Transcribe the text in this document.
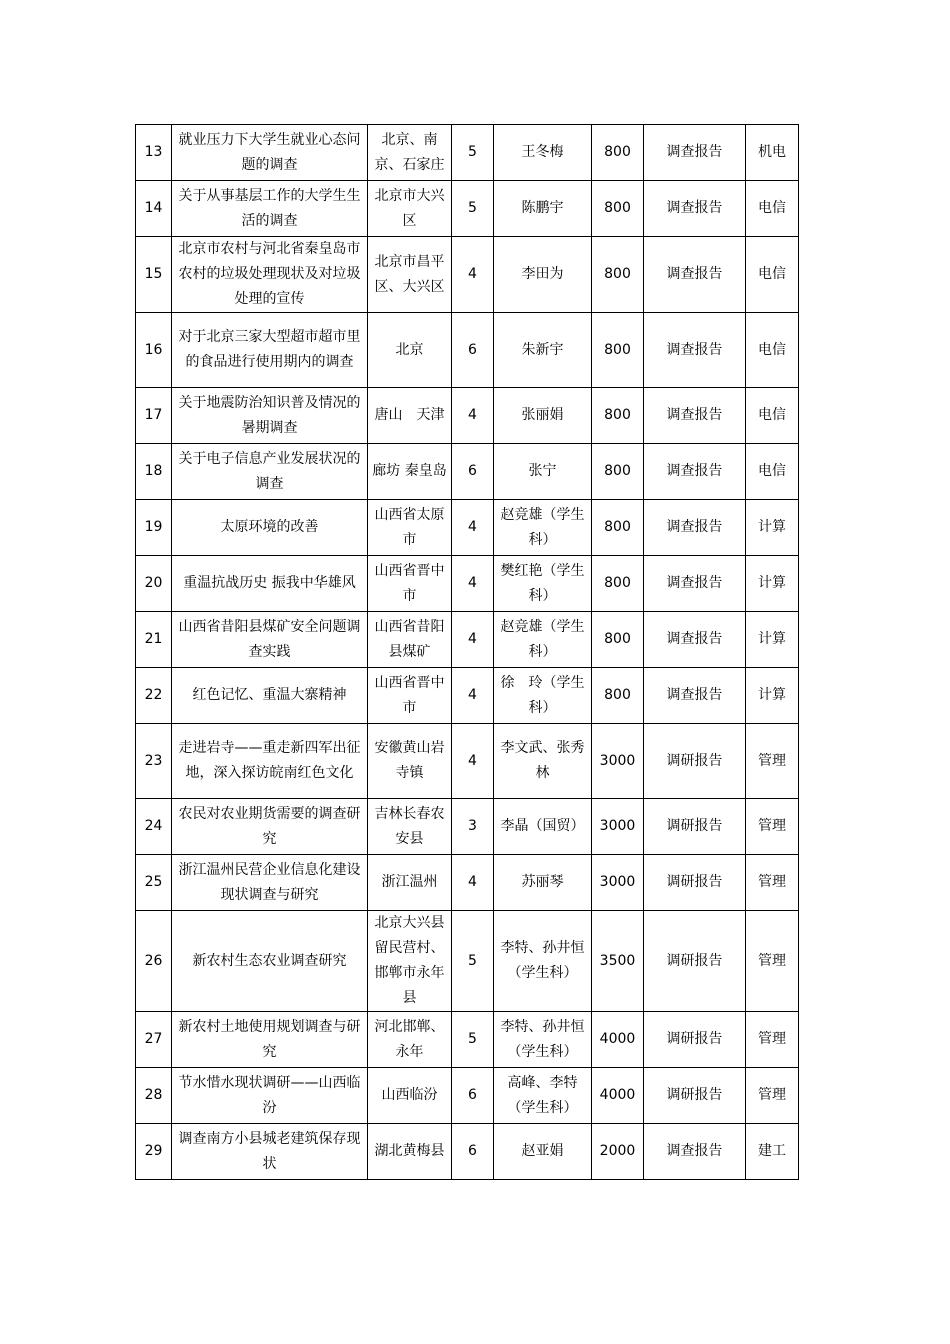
13	就业压力下大学生就业心态问题的调查	北京、南京、石家庄	5	王冬梅	800	调查报告	机电
14	关于从事基层工作的大学生生活的调查	北京市大兴区	5	陈鹏宇	800	调查报告	电信
15	北京市农村与河北省秦皇岛市农村的垃圾处理现状及对垃圾处理的宣传	北京市昌平区、大兴区	4	李田为	800	调查报告	电信
16	对于北京三家大型超市超市里的食品进行使用期内的调查	北京	6	朱新宇	800	调查报告	电信
17	关于地震防治知识普及情况的暑期调查	唐山　天津	4	张丽娟	800	调查报告	电信
18	关于电子信息产业发展状况的调查	廊坊 秦皇岛	6	张宁	800	调查报告	电信
19	太原环境的改善	山西省太原市	4	赵竞雄（学生科）	800	调查报告	计算
20	重温抗战历史 振我中华雄风	山西省晋中市	4	樊红艳（学生科）	800	调查报告	计算
21	山西省昔阳县煤矿安全问题调查实践	山西省昔阳县煤矿	4	赵竞雄（学生科）	800	调查报告	计算
22	红色记忆、重温大寨精神	山西省晋中市	4	徐　玲（学生科）	800	调查报告	计算
23	走进岩寺——重走新四军出征地，深入探访皖南红色文化	安徽黄山岩寺镇	4	李文武、张秀林	3000	调研报告	管理
24	农民对农业期货需要的调查研究	吉林长春农安县	3	李晶（国贸）	3000	调研报告	管理
25	浙江温州民营企业信息化建设现状调查与研究	浙江温州	4	苏丽琴	3000	调研报告	管理
26	新农村生态农业调查研究	北京大兴县留民营村、邯郸市永年县	5	李特、孙井恒（学生科）	3500	调研报告	管理
27	新农村土地使用规划调查与研究	河北邯郸、永年	5	李特、孙井恒（学生科）	4000	调研报告	管理
28	节水惜水现状调研——山西临汾	山西临汾	6	高峰、李特（学生科）	4000	调研报告	管理
29	调查南方小县城老建筑保存现状	湖北黄梅县	6	赵亚娟	2000	调查报告	建工
